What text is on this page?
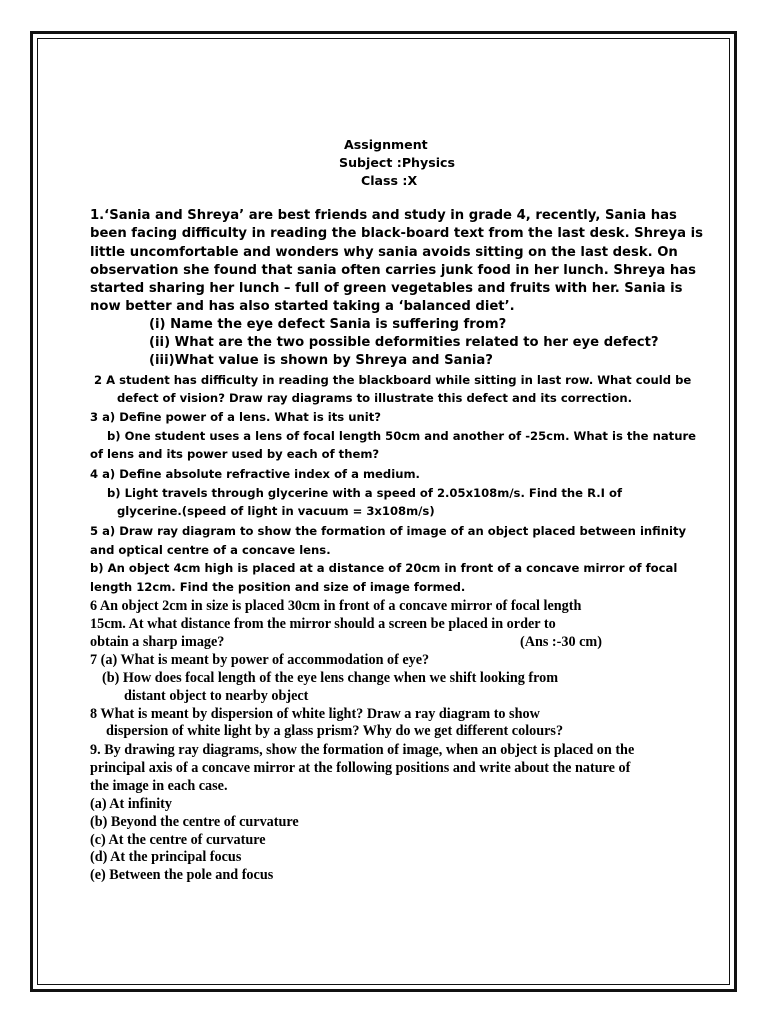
Assignment
Subject :Physics
Class :X
1.‘Sania and Shreya’ are best friends and study in grade 4, recently, Sania has
been facing difficulty in reading the black-board text from the last desk. Shreya is
little uncomfortable and wonders why sania avoids sitting on the last desk. On
observation she found that sania often carries junk food in her lunch. Shreya has
started sharing her lunch – full of green vegetables and fruits with her. Sania is
now better and has also started taking a ‘balanced diet’.
(i) Name the eye defect Sania is suffering from?
(ii) What are the two possible deformities related to her eye defect?
(iii)What value is shown by Shreya and Sania?
2 A student has difficulty in reading the blackboard while sitting in last row. What could be
defect of vision? Draw ray diagrams to illustrate this defect and its correction.
3 a) Define power of a lens. What is its unit?
b) One student uses a lens of focal length 50cm and another of -25cm. What is the nature
of lens and its power used by each of them?
4 a) Define absolute refractive index of a medium.
b) Light travels through glycerine with a speed of 2.05x108m/s. Find the R.I of
glycerine.(speed of light in vacuum = 3x108m/s)
5 a) Draw ray diagram to show the formation of image of an object placed between infinity
and optical centre of a concave lens.
b) An object 4cm high is placed at a distance of 20cm in front of a concave mirror of focal
length 12cm. Find the position and size of image formed.
6 An object 2cm in size is placed 30cm in front of a concave mirror of focal length
15cm. At what distance from the mirror should a screen be placed in order to
obtain a sharp image?	(Ans :-30 cm)
7 (a) What is meant by power of accommodation of eye?
(b) How does focal length of the eye lens change when we shift looking from
distant object to nearby object
8 What is meant by dispersion of white light? Draw a ray diagram to show
dispersion of white light by a glass prism? Why do we get different colours?
9. By drawing ray diagrams, show the formation of image, when an object is placed on the
principal axis of a concave mirror at the following positions and write about the nature of
the image in each case.
(a) At infinity
(b) Beyond the centre of curvature
(c) At the centre of curvature
(d) At the principal focus
(e) Between the pole and focus
